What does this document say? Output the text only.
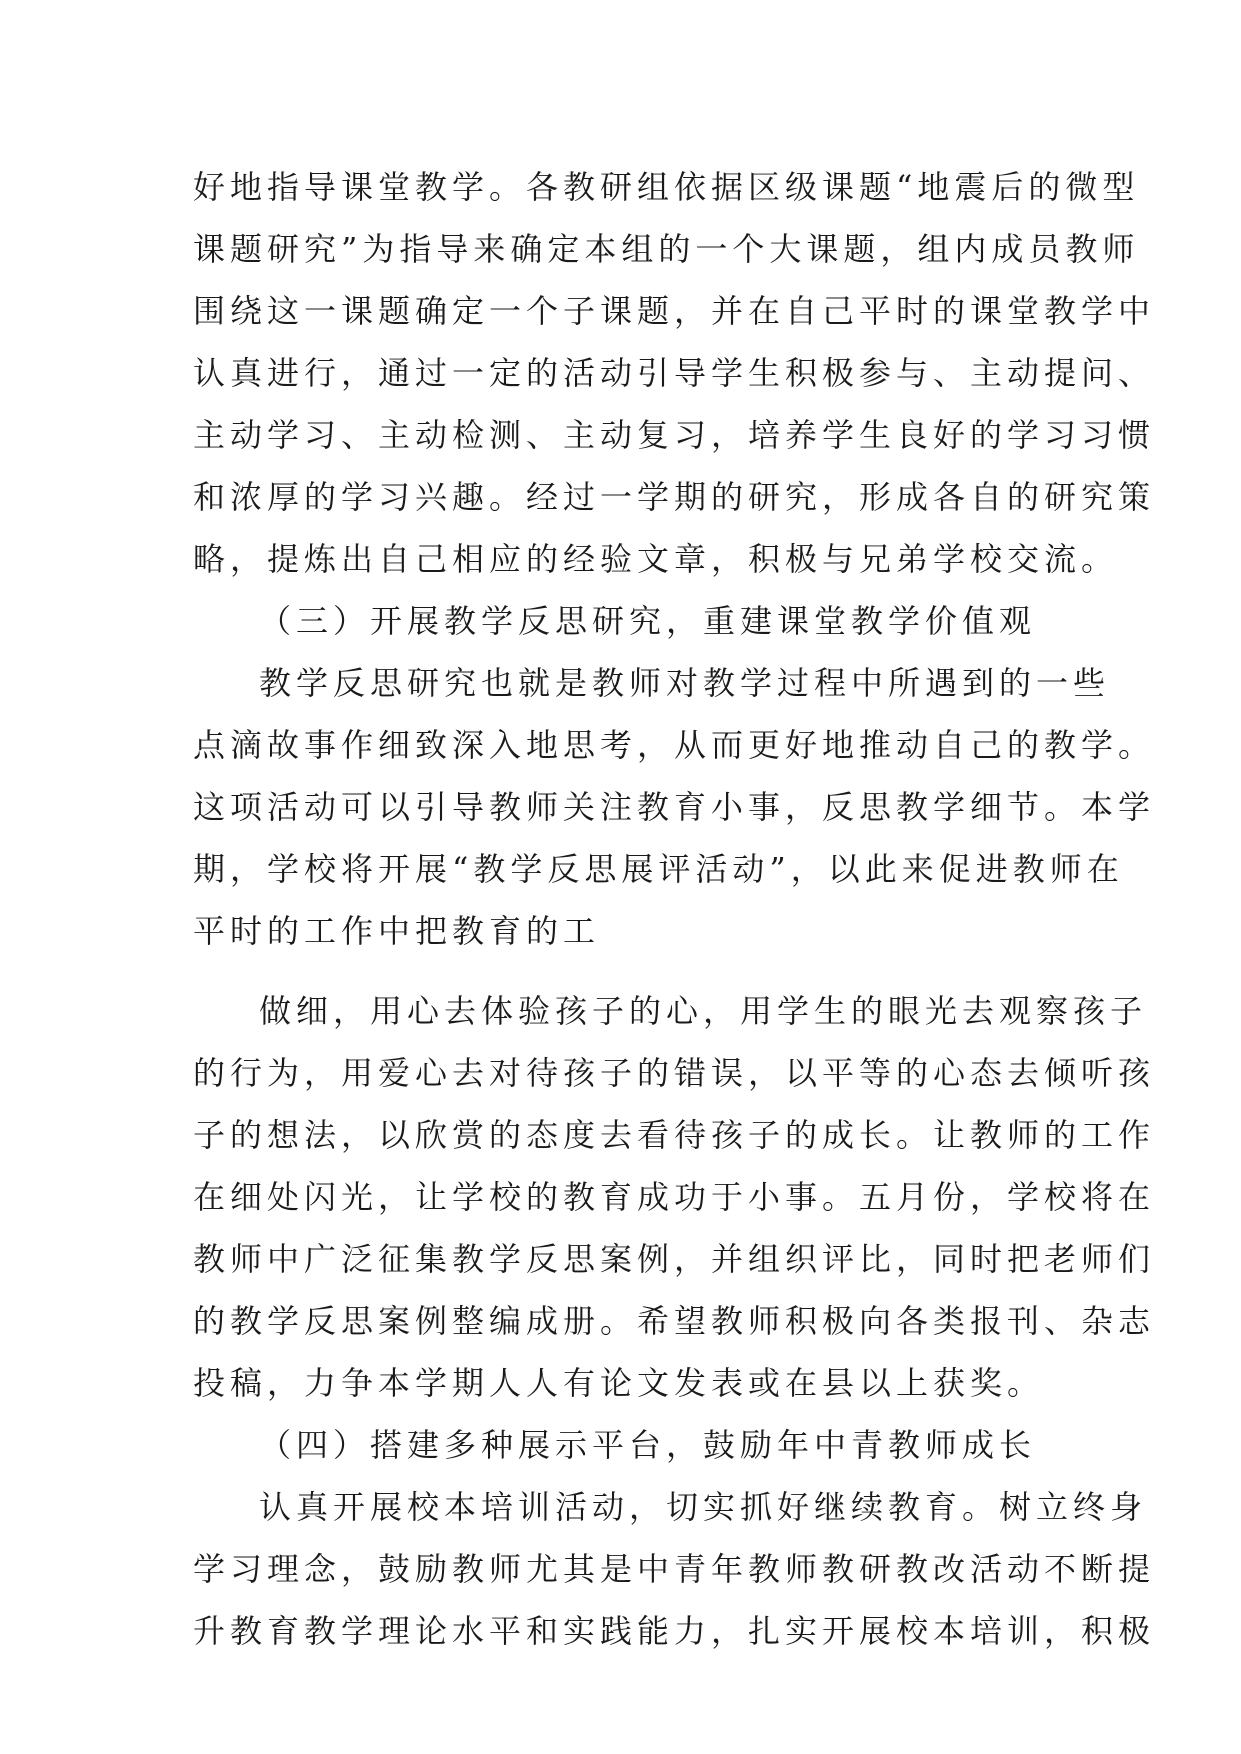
好地指导课堂教学。各教研组依据区级课题“地震后的微型
课题研究”为指导来确定本组的一个大课题，组内成员教师
围绕这一课题确定一个子课题，并在自己平时的课堂教学中
认真进行，通过一定的活动引导学生积极参与、主动提问、
主动学习、主动检测、主动复习，培养学生良好的学习习惯
和浓厚的学习兴趣。经过一学期的研究，形成各自的研究策
略，提炼出自己相应的经验文章，积极与兄弟学校交流。
（三）开展教学反思研究，重建课堂教学价值观
教学反思研究也就是教师对教学过程中所遇到的一些
点滴故事作细致深入地思考，从而更好地推动自己的教学。
这项活动可以引导教师关注教育小事，反思教学细节。本学
期，学校将开展“教学反思展评活动”，以此来促进教师在
平时的工作中把教育的工
做细，用心去体验孩子的心，用学生的眼光去观察孩子
的行为，用爱心去对待孩子的错误，以平等的心态去倾听孩
子的想法，以欣赏的态度去看待孩子的成长。让教师的工作
在细处闪光，让学校的教育成功于小事。五月份，学校将在
教师中广泛征集教学反思案例，并组织评比，同时把老师们
的教学反思案例整编成册。希望教师积极向各类报刊、杂志
投稿，力争本学期人人有论文发表或在县以上获奖。
（四）搭建多种展示平台，鼓励年中青教师成长
认真开展校本培训活动，切实抓好继续教育。树立终身
学习理念，鼓励教师尤其是中青年教师教研教改活动不断提
升教育教学理论水平和实践能力，扎实开展校本培训，积极
